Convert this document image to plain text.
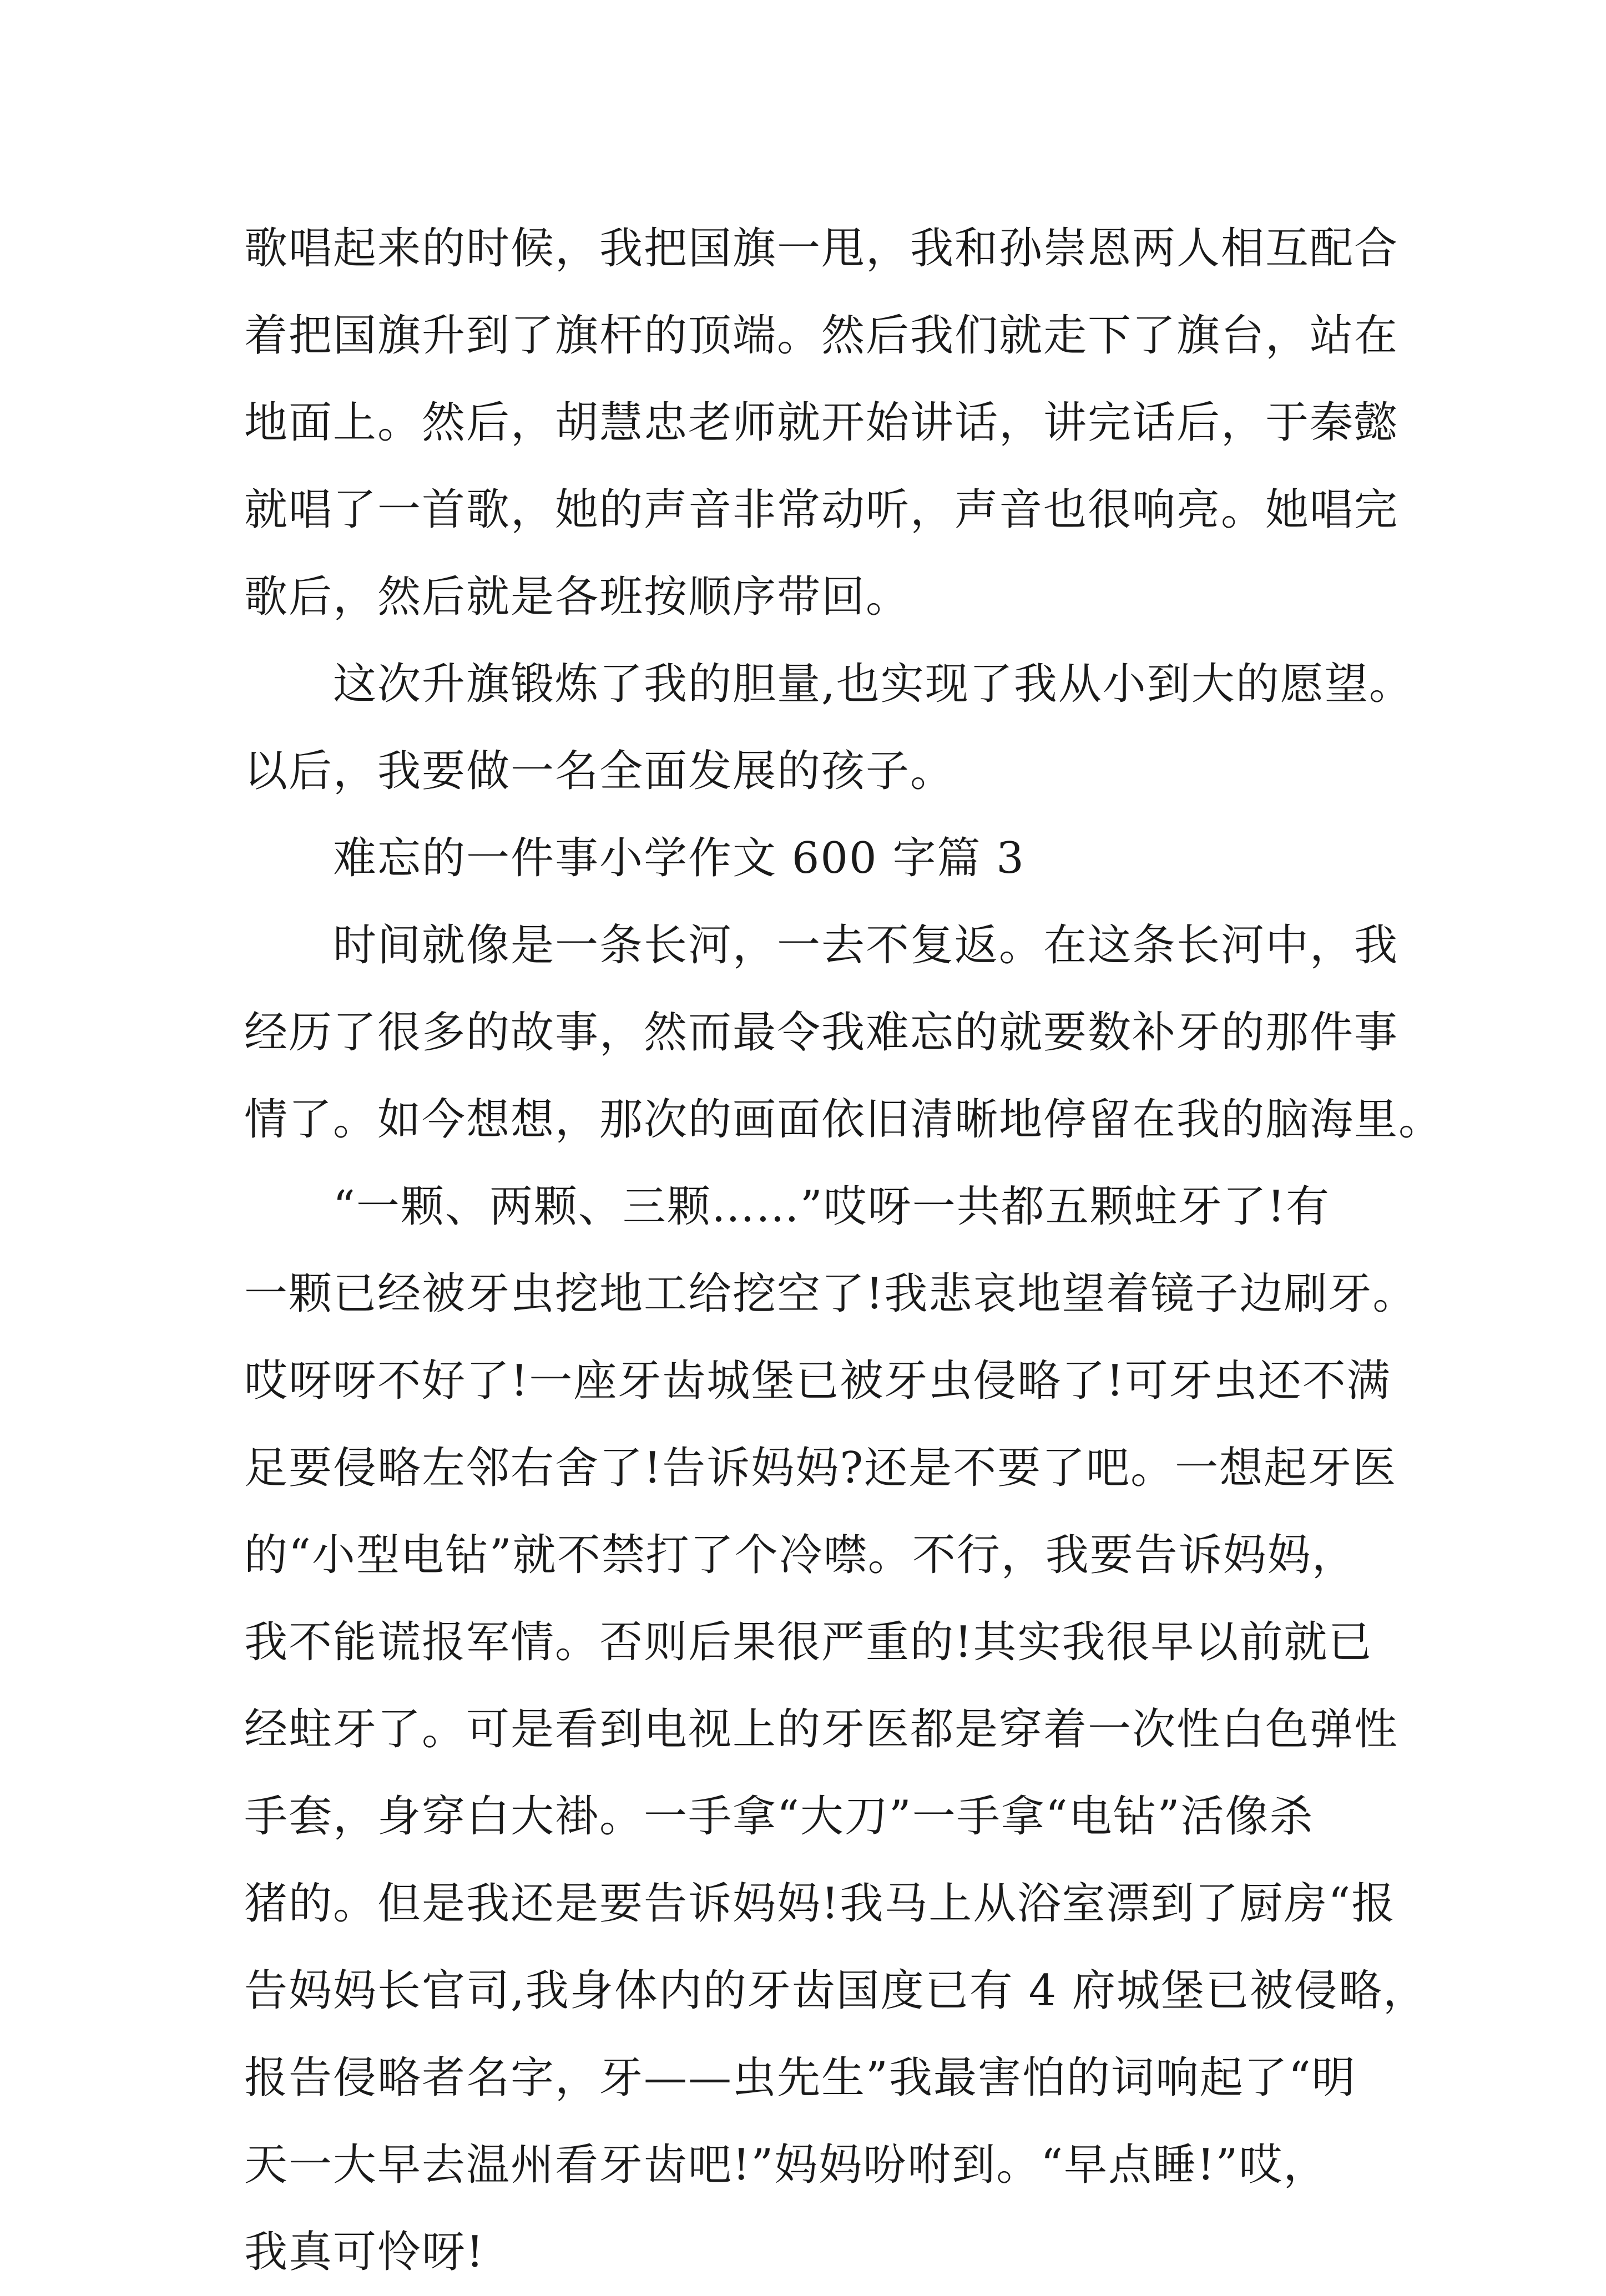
歌唱起来的时候，我把国旗一甩，我和孙崇恩两人相互配合
着把国旗升到了旗杆的顶端。然后我们就走下了旗台，站在
地面上。然后，胡慧忠老师就开始讲话，讲完话后，于秦懿
就唱了一首歌，她的声音非常动听，声音也很响亮。她唱完
歌后，然后就是各班按顺序带回。
这次升旗锻炼了我的胆量,也实现了我从小到大的愿望。
以后，我要做一名全面发展的孩子。
难忘的一件事小学作文 600 字篇 3
时间就像是一条长河，一去不复返。在这条长河中，我
经历了很多的故事，然而最令我难忘的就要数补牙的那件事
情了。如今想想，那次的画面依旧清晰地停留在我的脑海里。
“一颗、两颗、三颗……”哎呀一共都五颗蛀牙了!有
一颗已经被牙虫挖地工给挖空了!我悲哀地望着镜子边刷牙。
哎呀呀不好了!一座牙齿城堡已被牙虫侵略了!可牙虫还不满
足要侵略左邻右舍了!告诉妈妈?还是不要了吧。一想起牙医
的“小型电钻”就不禁打了个冷噤。不行，我要告诉妈妈，
我不能谎报军情。否则后果很严重的!其实我很早以前就已
经蛀牙了。可是看到电视上的牙医都是穿着一次性白色弹性
手套，身穿白大褂。一手拿“大刀”一手拿“电钻”活像杀
猪的。但是我还是要告诉妈妈!我马上从浴室漂到了厨房“报
告妈妈长官司,我身体内的牙齿国度已有 4 府城堡已被侵略，
报告侵略者名字，牙——虫先生”我最害怕的词响起了“明
天一大早去温州看牙齿吧!”妈妈吩咐到。“早点睡!”哎，
我真可怜呀!
